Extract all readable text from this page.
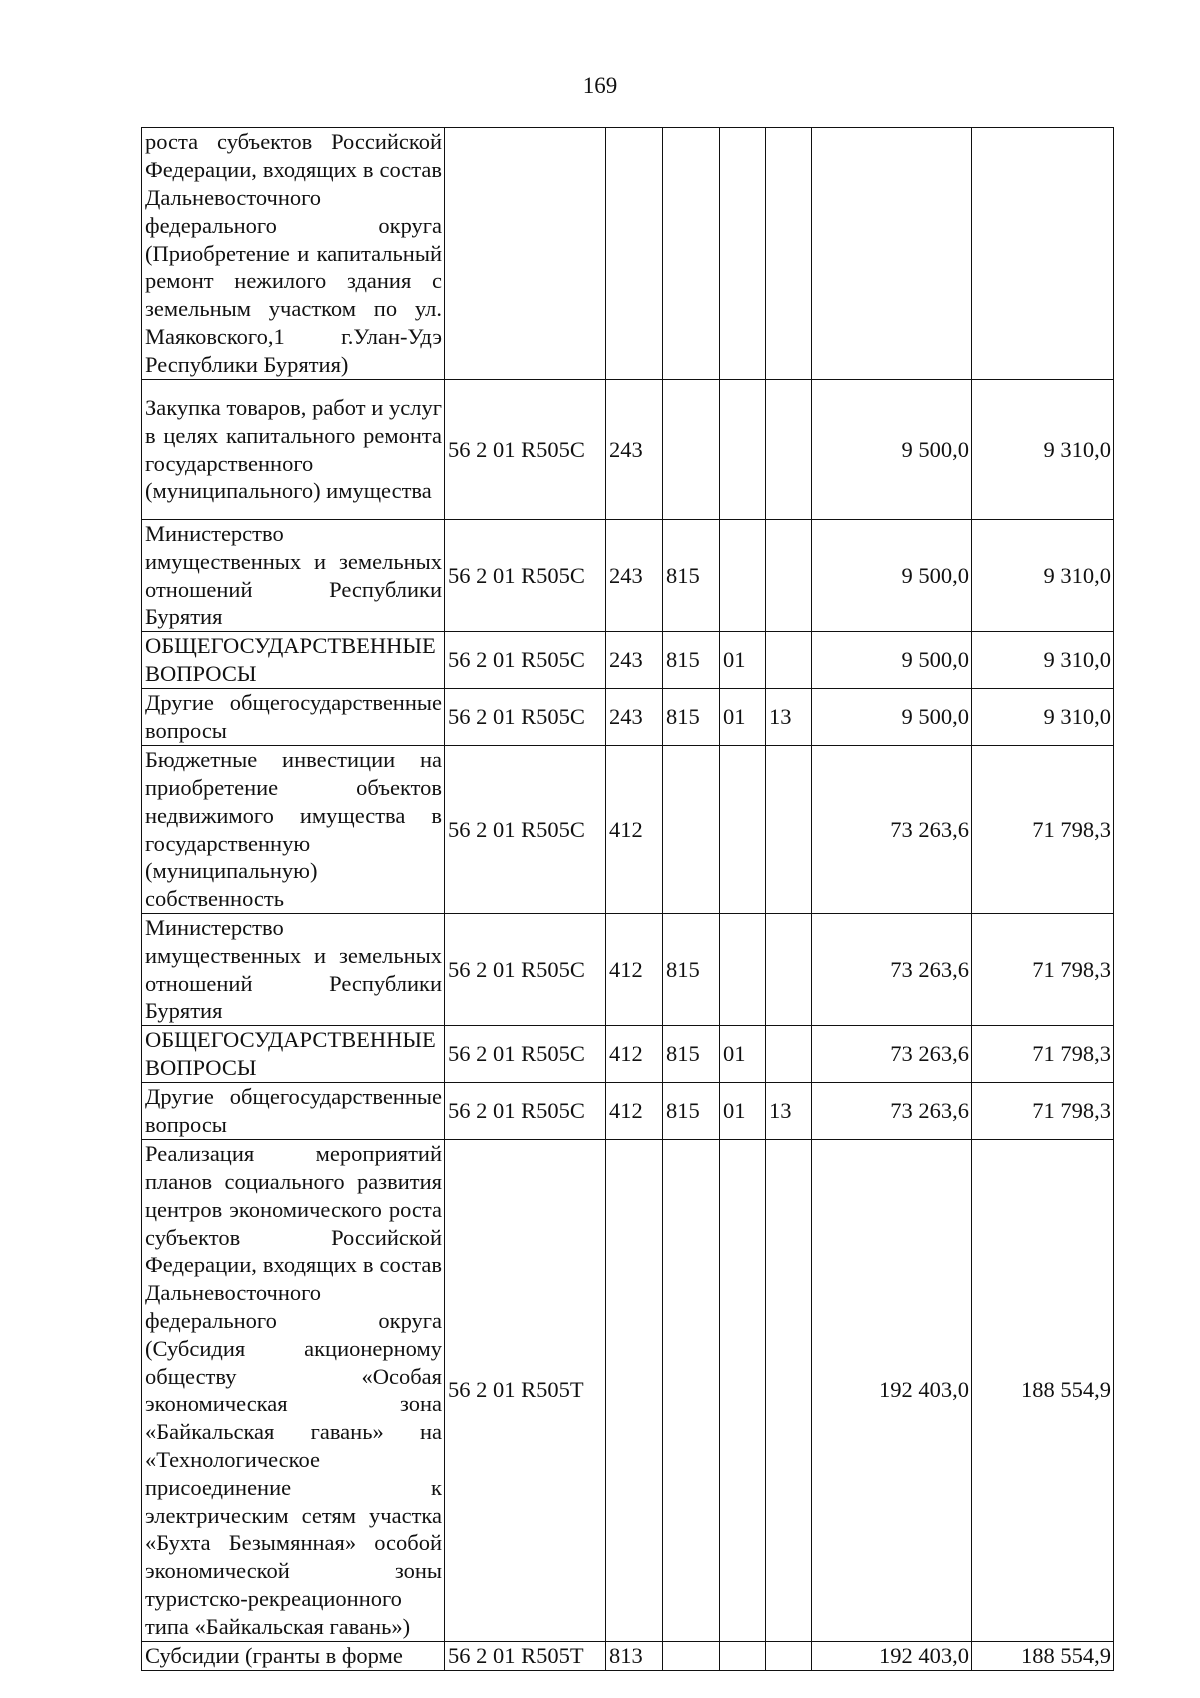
169
роста субъектов Российской Федерации, входящих в состав Дальневосточного федерального округа (Приобретение и капитальный ремонт нежилого здания с земельным участком по ул. Маяковского,1 г.Улан-Удэ Республики Бурятия)							
Закупка товаров, работ и услуг в целях капитального ремонта государственного (муниципального) имущества	56 2 01 R505C	243				9 500,0	9 310,0
Министерство имущественных и земельных отношений Республики Бурятия	56 2 01 R505C	243	815			9 500,0	9 310,0
ОБЩЕГОСУДАРСТВЕННЫЕ ВОПРОСЫ	56 2 01 R505C	243	815	01		9 500,0	9 310,0
Другие общегосударственные вопросы	56 2 01 R505C	243	815	01	13	9 500,0	9 310,0
Бюджетные инвестиции на приобретение объектов недвижимого имущества в государственную (муниципальную) собственность	56 2 01 R505C	412				73 263,6	71 798,3
Министерство имущественных и земельных отношений Республики Бурятия	56 2 01 R505C	412	815			73 263,6	71 798,3
ОБЩЕГОСУДАРСТВЕННЫЕ ВОПРОСЫ	56 2 01 R505C	412	815	01		73 263,6	71 798,3
Другие общегосударственные вопросы	56 2 01 R505C	412	815	01	13	73 263,6	71 798,3
Реализация мероприятий планов социального развития центров экономического роста субъектов Российской Федерации, входящих в состав Дальневосточного федерального округа (Субсидия акционерному обществу «Особая экономическая зона «Байкальская гавань» на «Технологическое присоединение к электрическим сетям участка «Бухта Безымянная» особой экономической зоны туристско-рекреационного типа «Байкальская гавань»)	56 2 01 R505T					192 403,0	188 554,9
Субсидии (гранты в форме	56 2 01 R505T	813				192 403,0	188 554,9
